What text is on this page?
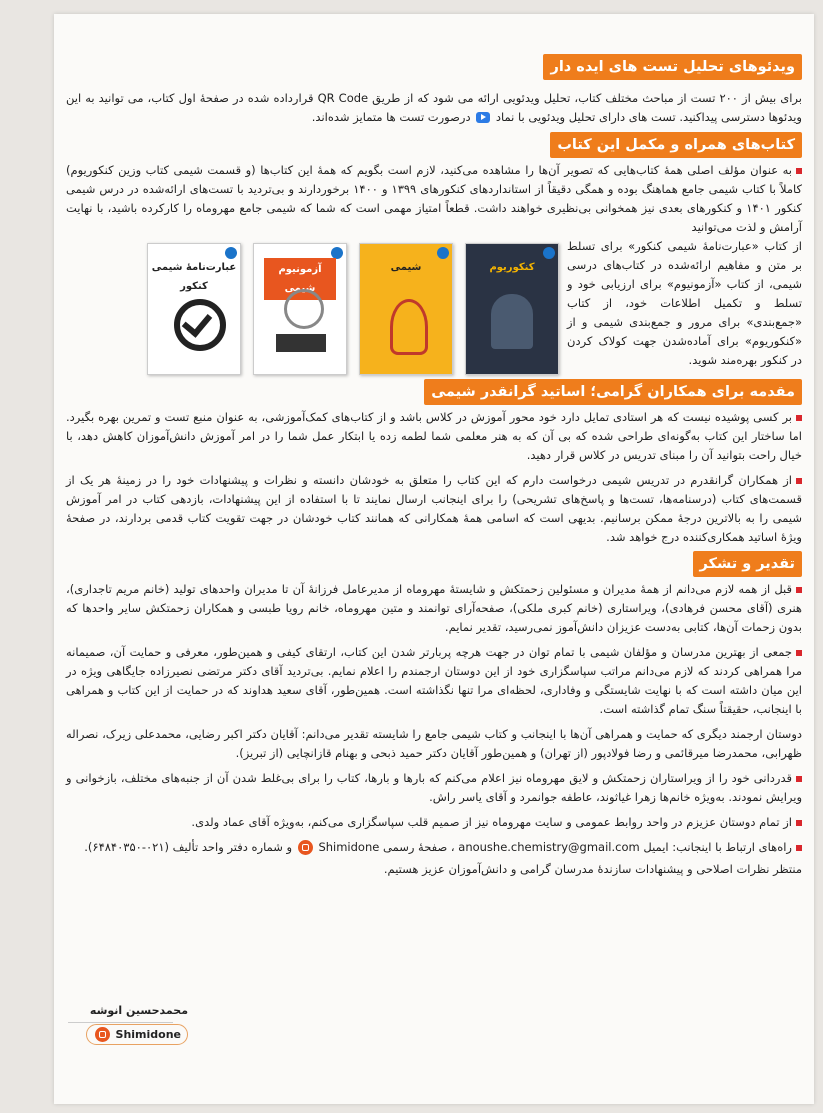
ویدئوهای تحلیل تست های ایده دار

برای بیش از ۲۰۰ تست از مباحث مختلف کتاب، تحلیل ویدئویی ارائه می شود که از طریق QR Code قرارداده شده در صفحهٔ اول کتاب، می توانید به این ویدئوها دسترسی پیداکنید. تست های دارای تحلیل ویدئویی با نماد  درصورت تست ها متمایز شده‌اند.

کتاب‌های همراه و مکمل این کتاب

به عنوان مؤلف اصلی همهٔ کتاب‌هایی که تصویر آن‌ها را مشاهده می‌کنید، لازم است بگویم که همهٔ این کتاب‌ها (و قسمت شیمی کتاب وزین کنکوریوم) کاملاً با کتاب شیمی جامع هماهنگ بوده و همگی دقیقاً از استانداردهای کنکورهای ۱۳۹۹ و ۱۴۰۰ برخوردارند و بی‌تردید با تست‌های ارائه‌شده در درس شیمی کنکور ۱۴۰۱ و کنکورهای بعدی نیز همخوانی بی‌نظیری خواهند داشت. قطعاً امتیاز مهمی است که شما که شیمی جامع مهروماه را کارکرده باشید، با نهایت آرامش و لذت می‌توانید

از کتاب «عبارت‌نامهٔ شیمی کنکور» برای تسلط بر متن و مفاهیم ارائه‌شده در کتاب‌های درسی شیمی، از کتاب «آزمونیوم» برای ارزیابی خود و تسلط و تکمیل اطلاعات خود، از کتاب «جمع‌بندی» برای مرور و جمع‌بندی شیمی و از «کنکوریوم» برای آماده‌شدن جهت کولاک کردن در کنکور بهره‌مند شوید.

کنکوریوم
شیمی
آزمونیوم شیمی
عبارت‌نامهٔ شیمی کنکور
مقدمه برای همکاران گرامی؛ اساتید گرانقدر شیمی

بر کسی پوشیده نیست که هر استادی تمایل دارد خود محور آموزش در کلاس باشد و از کتاب‌های کمک‌آموزشی، به عنوان منبع تست و تمرین بهره بگیرد. اما ساختار این کتاب به‌گونه‌ای طراحی شده که بی آن که به هنر معلمی شما لطمه زده یا ابتکار عمل شما را در امر آموزش دانش‌آموزان کاهش دهد، با خیال راحت بتوانید آن را مبنای تدریس در کلاس قرار دهید.

از همکاران گرانقدرم در تدریس شیمی درخواست دارم که این کتاب را متعلق به خودشان دانسته و نظرات و پیشنهادات خود را در زمینهٔ هر یک از قسمت‌های کتاب (درسنامه‌ها، تست‌ها و پاسخ‌های تشریحی) را برای اینجانب ارسال نمایند تا با استفاده از این پیشنهادات، بازدهی کتاب در امر آموزش شیمی را به بالاترین درجهٔ ممکن برسانیم. بدیهی است که اسامی همهٔ همکارانی که همانند کتاب خودشان در جهت تقویت کتاب قدمی بردارند، در صفحهٔ ویژهٔ اساتید همکاری‌کننده درج خواهد شد.

تقدیر و تشکر

قبل از همه لازم می‌دانم از همهٔ مدیران و مسئولین زحمتکش و شایستهٔ مهروماه از مدیرعامل فرزانهٔ آن تا مدیران واحدهای تولید (خانم مریم تاجداری)، هنری (آقای محسن فرهادی)، ویراستاری (خانم کبری ملکی)، صفحه‌آرای توانمند و متین مهروماه، خانم رویا طبسی و همکاران زحمتکش سایر واحدها که بدون زحمات آن‌ها، کتابی به‌دست عزیزان دانش‌آموز نمی‌رسید، تقدیر نمایم.

جمعی از بهترین مدرسان و مؤلفان شیمی با تمام توان در جهت هرچه پربارتر شدن این کتاب، ارتقای کیفی و همین‌طور، معرفی و حمایت آن، صمیمانه مرا همراهی کردند که لازم می‌دانم مراتب سپاسگزاری خود از این دوستان ارجمندم را اعلام نمایم. بی‌تردید آقای دکتر مرتضی نصیرزاده جایگاهی ویژه در این میان داشته است که با نهایت شایستگی و وفاداری، لحظه‌ای مرا تنها نگذاشته است. همین‌طور، آقای سعید هداوند که در حمایت از این کتاب و همراهی با اینجانب، حقیقتاً سنگ تمام گذاشته است.

دوستان ارجمند دیگری که حمایت و همراهی آن‌ها با اینجانب و کتاب شیمی جامع را شایسته تقدیر می‌دانم: آقایان دکتر اکبر رضایی، محمدعلی زیرک، نصراله ظهرابی، محمدرضا میرقائمی و رضا فولادپور (از تهران) و همین‌طور آقایان دکتر حمید ذبحی و بهنام قازانچایی (از تبریز).

قدردانی خود را از ویراستاران زحمتکش و لایق مهروماه نیز اعلام می‌کنم که بارها و بارها، کتاب را برای بی‌غلط شدن آن از جنبه‌های مختلف، بازخوانی و ویرایش نمودند. به‌ویژه خانم‌ها زهرا غیاثوند، عاطفه جوانمرد و آقای یاسر راش.

از تمام دوستان عزیزم در واحد روابط عمومی و سایت مهروماه نیز از صمیم قلب سپاسگزاری می‌کنم، به‌ویژه آقای عماد ولدی.

راه‌های ارتباط با اینجانب: ایمیل anoushe.chemistry@gmail.com ، صفحهٔ رسمی Shimidone  و شماره دفتر واحد تألیف (۰۲۱-۶۴۸۴۰۳۵۰).

منتظر نظرات اصلاحی و پیشنهادات سازندهٔ مدرسان گرامی و دانش‌آموزان عزیز هستیم.

محمدحسین انوشه
Shimidone
